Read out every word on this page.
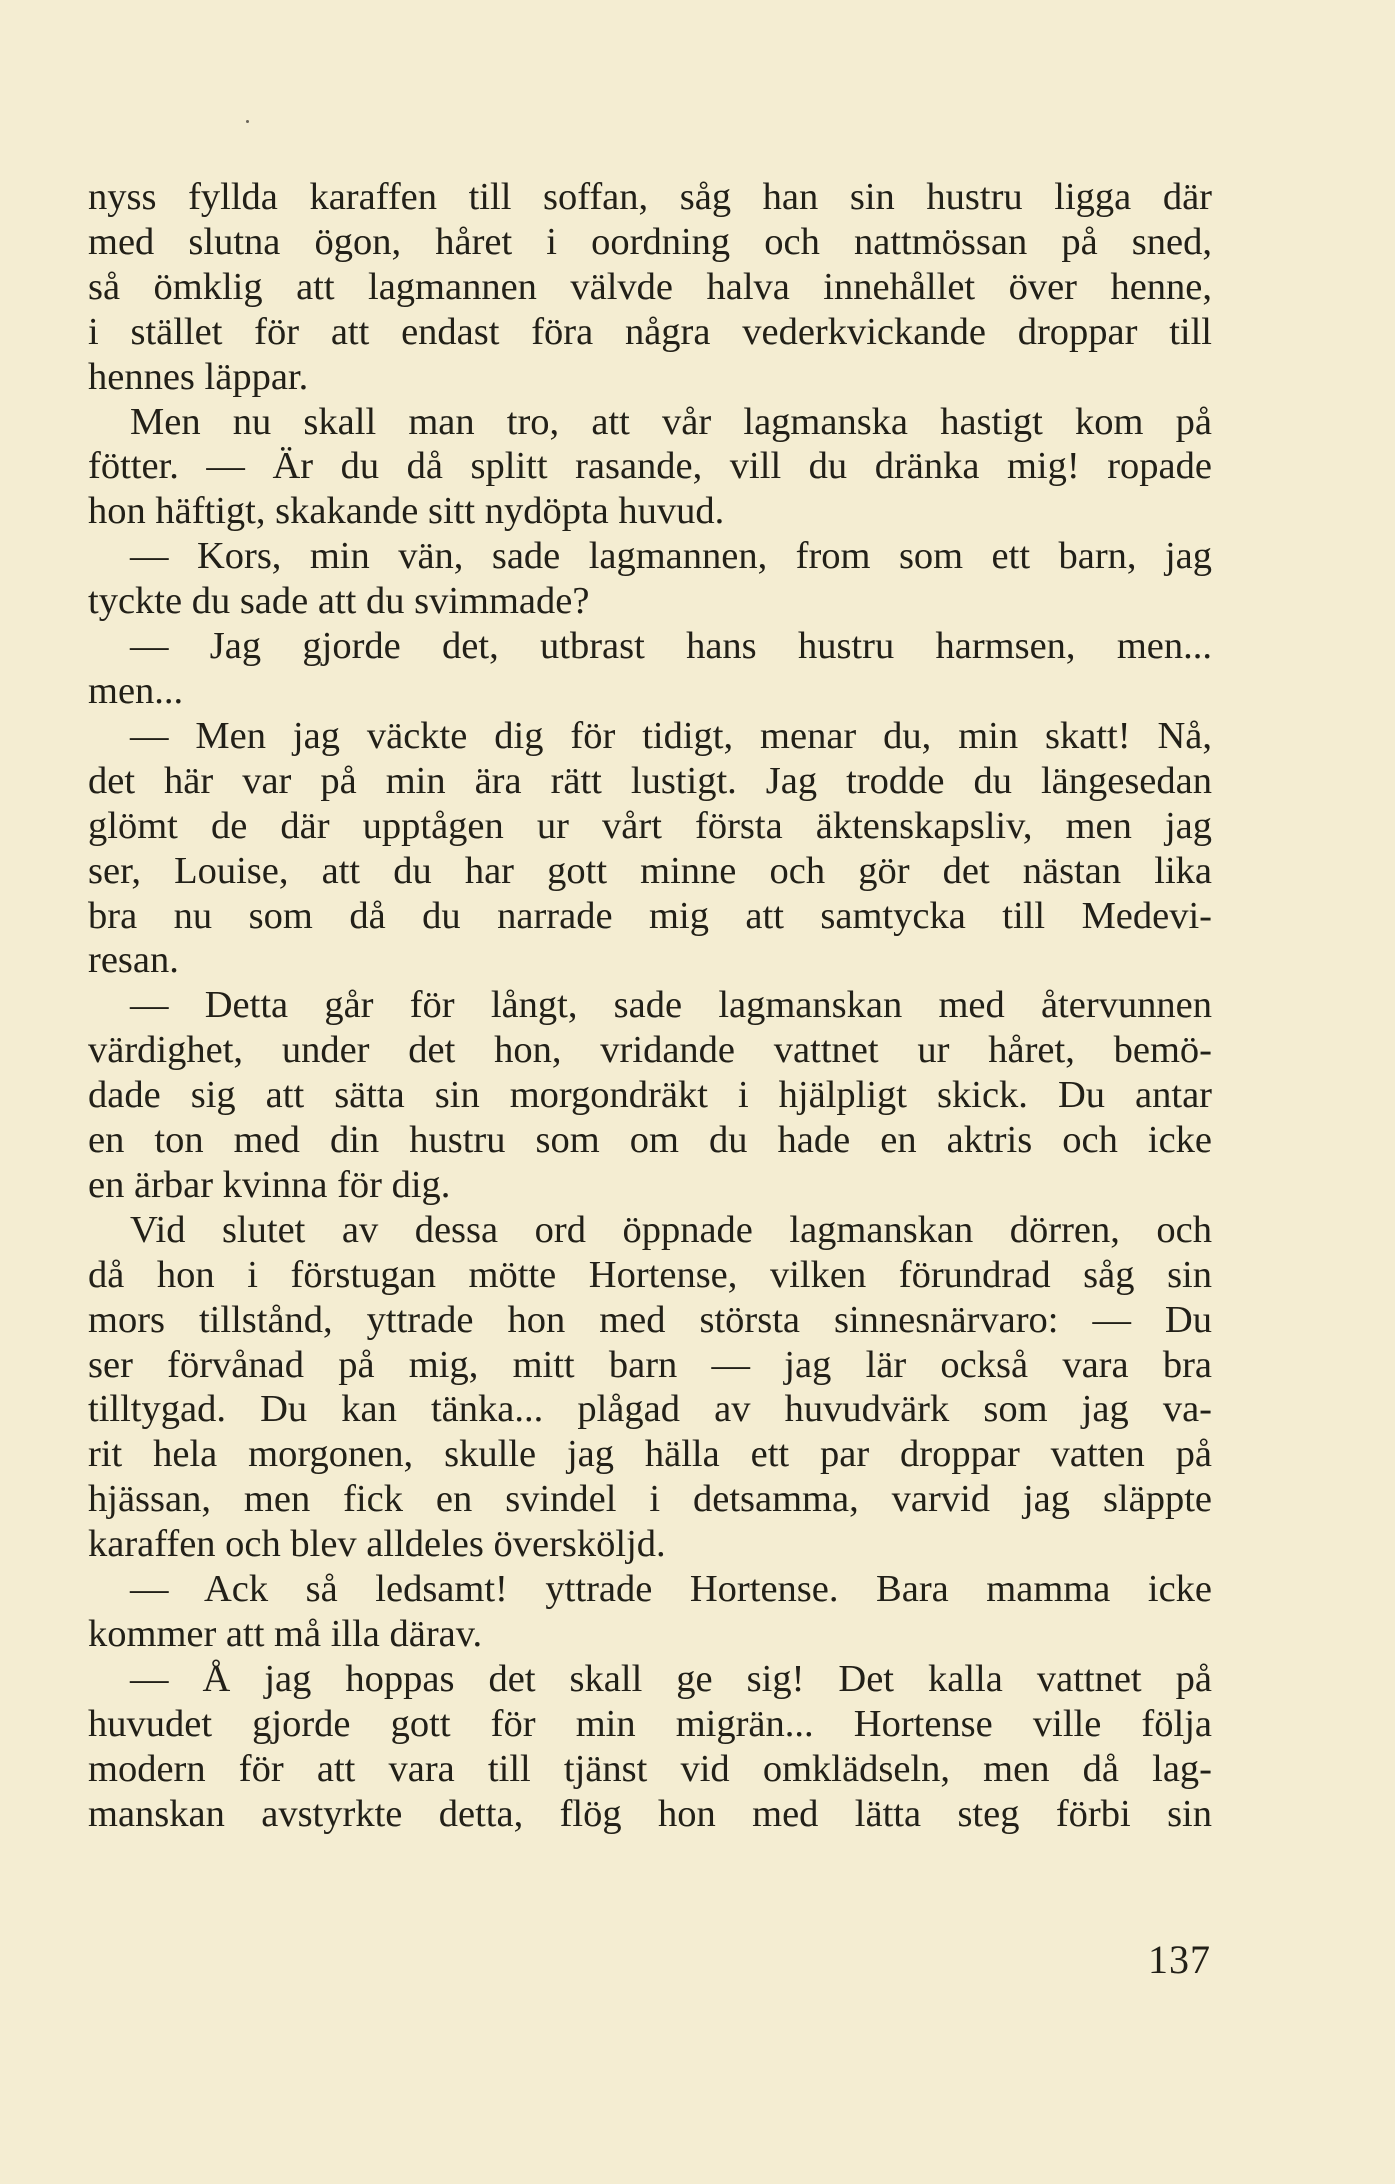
nyss fyllda karaffen till soffan, såg han sin hustru ligga där
med slutna ögon, håret i oordning och nattmössan på sned,
så ömklig att lagmannen välvde halva innehållet över henne,
i stället för att endast föra några vederkvickande droppar till
hennes läppar.
Men nu skall man tro, att vår lagmanska hastigt kom på
fötter. — Är du då splitt rasande, vill du dränka mig! ropade
hon häftigt, skakande sitt nydöpta huvud.
— Kors, min vän, sade lagmannen, from som ett barn, jag
tyckte du sade att du svimmade?
— Jag gjorde det, utbrast hans hustru harmsen, men...
men...
— Men jag väckte dig för tidigt, menar du, min skatt! Nå,
det här var på min ära rätt lustigt. Jag trodde du längesedan
glömt de där upptågen ur vårt första äktenskapsliv, men jag
ser, Louise, att du har gott minne och gör det nästan lika
bra nu som då du narrade mig att samtycka till Medevi-
resan.
— Detta går för långt, sade lagmanskan med återvunnen
värdighet, under det hon, vridande vattnet ur håret, bemö-
dade sig att sätta sin morgondräkt i hjälpligt skick. Du antar
en ton med din hustru som om du hade en aktris och icke
en ärbar kvinna för dig.
Vid slutet av dessa ord öppnade lagmanskan dörren, och
då hon i förstugan mötte Hortense, vilken förundrad såg sin
mors tillstånd, yttrade hon med största sinnesnärvaro: — Du
ser förvånad på mig, mitt barn — jag lär också vara bra
tilltygad. Du kan tänka... plågad av huvudvärk som jag va-
rit hela morgonen, skulle jag hälla ett par droppar vatten på
hjässan, men fick en svindel i detsamma, varvid jag släppte
karaffen och blev alldeles översköljd.
— Ack så ledsamt! yttrade Hortense. Bara mamma icke
kommer att må illa därav.
— Å jag hoppas det skall ge sig! Det kalla vattnet på
huvudet gjorde gott för min migrän... Hortense ville följa
modern för att vara till tjänst vid omklädseln, men då lag-
manskan avstyrkte detta, flög hon med lätta steg förbi sin
137
